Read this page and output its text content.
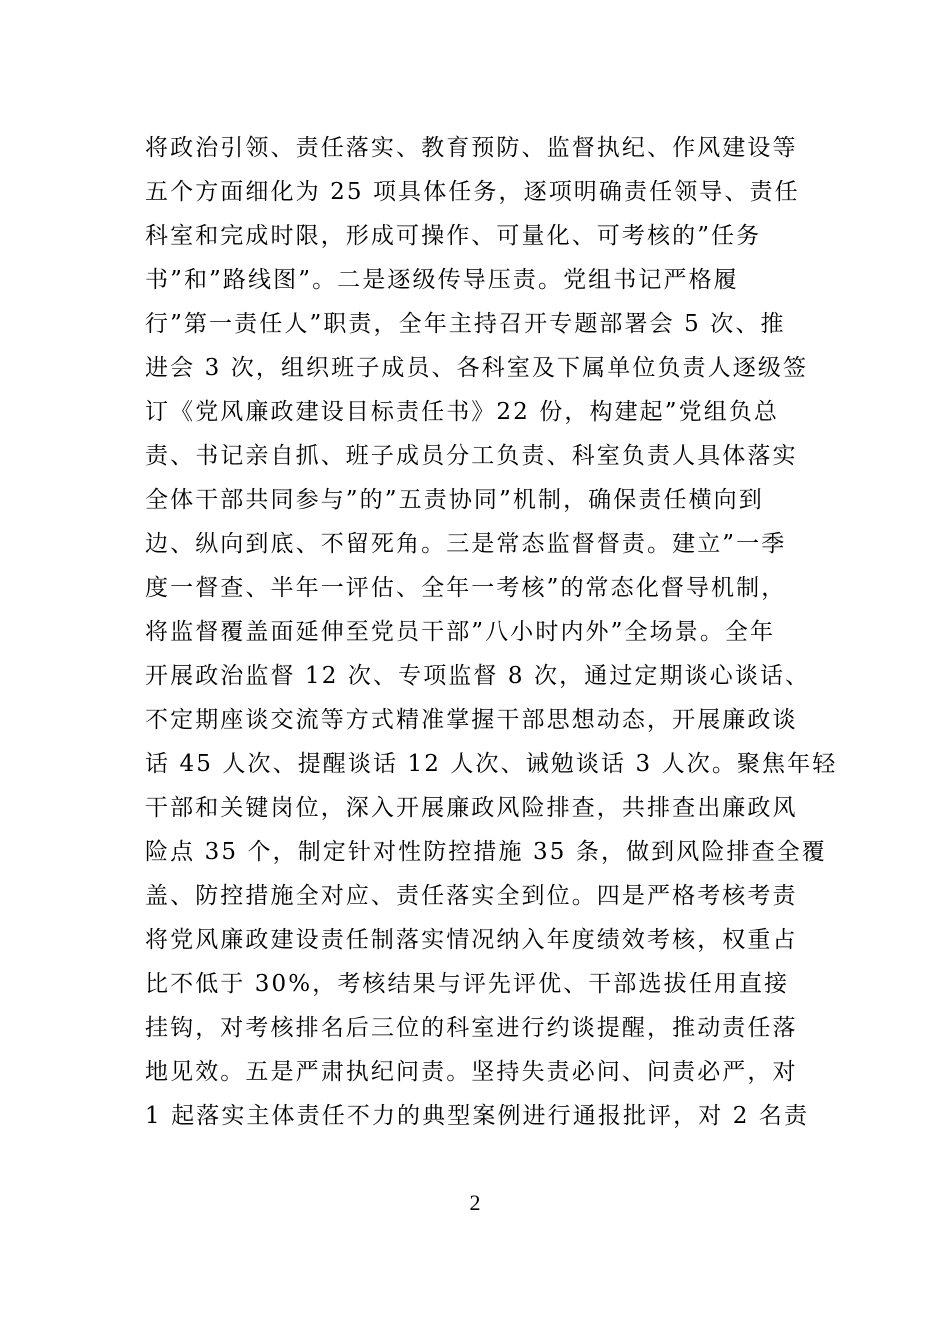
将政治引领、责任落实、教育预防、监督执纪、作风建设等
五个方面细化为 25 项具体任务，逐项明确责任领导、责任
科室和完成时限，形成可操作、可量化、可考核的”任务
书”和”路线图”。二是逐级传导压责。党组书记严格履
行”第一责任人”职责，全年主持召开专题部署会 5 次、推
进会 3 次，组织班子成员、各科室及下属单位负责人逐级签
订《党风廉政建设目标责任书》22 份，构建起”党组负总
责、书记亲自抓、班子成员分工负责、科室负责人具体落实
全体干部共同参与”的”五责协同”机制，确保责任横向到
边、纵向到底、不留死角。三是常态监督督责。建立”一季
度一督查、半年一评估、全年一考核”的常态化督导机制，
将监督覆盖面延伸至党员干部”八小时内外”全场景。全年
开展政治监督 12 次、专项监督 8 次，通过定期谈心谈话、
不定期座谈交流等方式精准掌握干部思想动态，开展廉政谈
话 45 人次、提醒谈话 12 人次、诫勉谈话 3 人次。聚焦年轻
干部和关键岗位，深入开展廉政风险排查，共排查出廉政风
险点 35 个，制定针对性防控措施 35 条，做到风险排查全覆
盖、防控措施全对应、责任落实全到位。四是严格考核考责
将党风廉政建设责任制落实情况纳入年度绩效考核，权重占
比不低于 30%，考核结果与评先评优、干部选拔任用直接
挂钩，对考核排名后三位的科室进行约谈提醒，推动责任落
地见效。五是严肃执纪问责。坚持失责必问、问责必严，对
1 起落实主体责任不力的典型案例进行通报批评，对 2 名责
2
